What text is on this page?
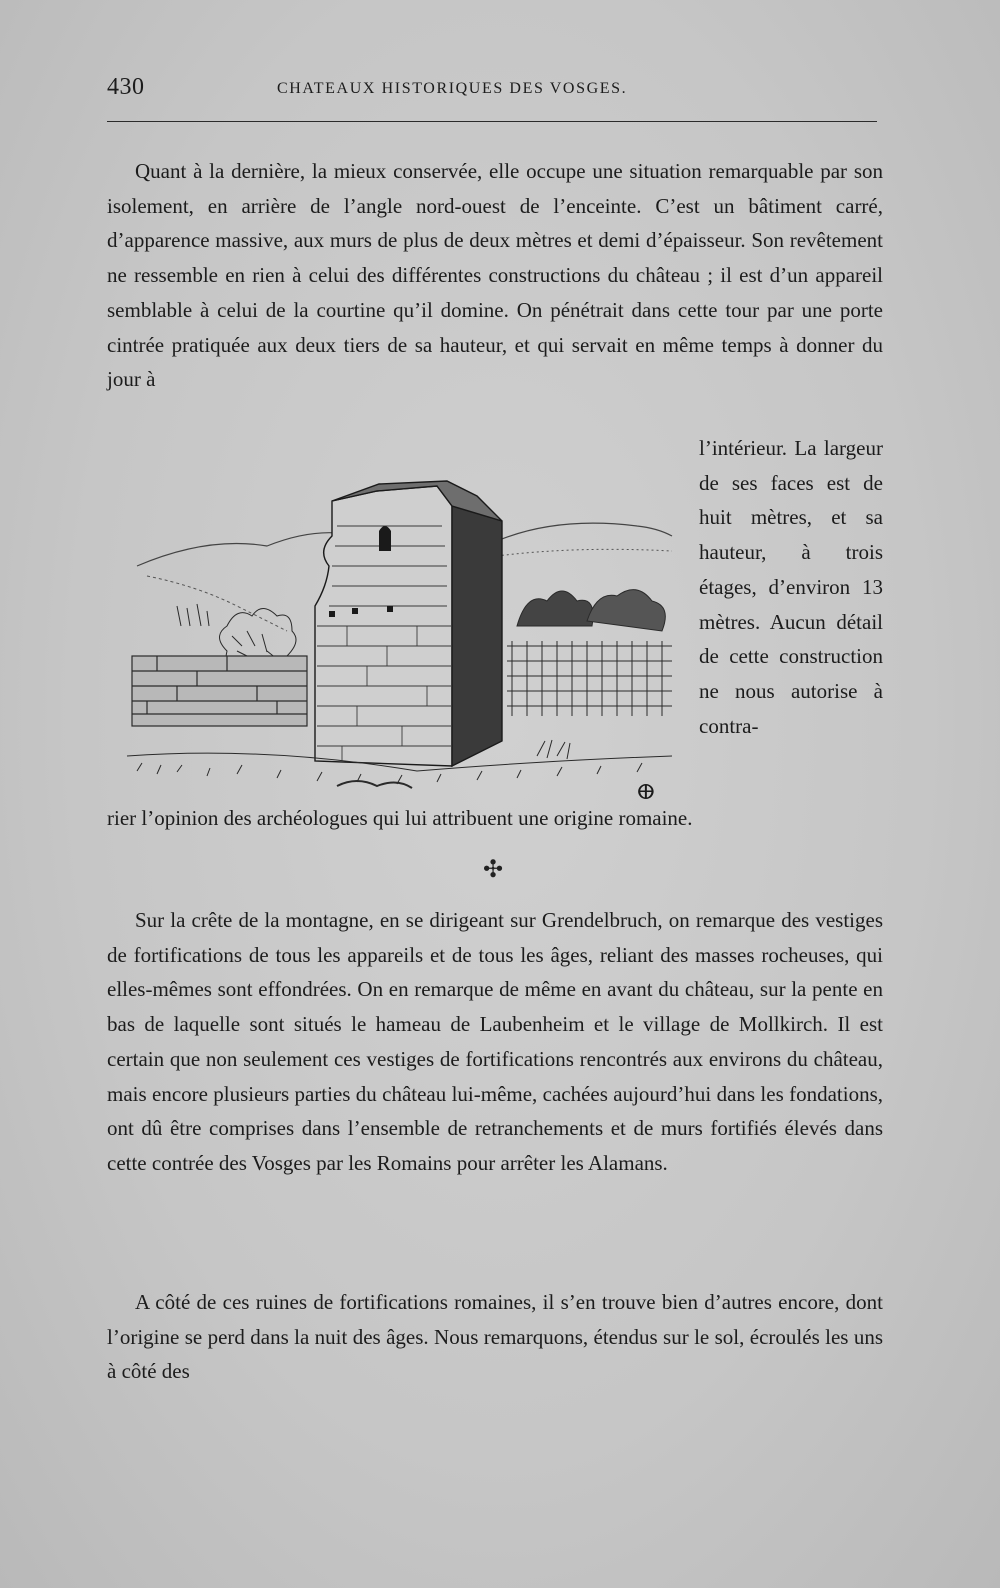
430	CHATEAUX HISTORIQUES DES VOSGES.

Quant à la dernière, la mieux conservée, elle occupe une situation remarquable par son isolement, en arrière de l’angle nord-ouest de l’enceinte. C’est un bâtiment carré, d’apparence massive, aux murs de plus de deux mètres et demi d’épaisseur. Son revêtement ne ressemble en rien à celui des différentes constructions du château ; il est d’un appareil semblable à celui de la courtine qu’il domine. On pénétrait dans cette tour par une porte cintrée pratiquée aux deux tiers de sa hauteur, et qui servait en même temps à donner du jour à

ⴲ

l’intérieur. La largeur de ses faces est de huit mètres, et sa hauteur, à trois étages, d’environ 13 mètres. Aucun détail de cette construction ne nous autorise à contra-

rier l’opinion des archéologues qui lui attribuent une origine romaine.
✣

Sur la crête de la montagne, en se dirigeant sur Grendelbruch, on remarque des vestiges de fortifications de tous les appareils et de tous les âges, reliant des masses rocheuses, qui elles-mêmes sont effondrées. On en remarque de même en avant du château, sur la pente en bas de laquelle sont situés le hameau de Laubenheim et le village de Mollkirch. Il est certain que non seulement ces vestiges de fortifications rencontrés aux environs du château, mais encore plusieurs parties du château lui-même, cachées aujourd’hui dans les fondations, ont dû être comprises dans l’ensemble de retranchements et de murs fortifiés élevés dans cette contrée des Vosges par les Romains pour arrêter les Alamans.

A côté de ces ruines de fortifications romaines, il s’en trouve bien d’autres encore, dont l’origine se perd dans la nuit des âges. Nous remarquons, étendus sur le sol, écroulés les uns à côté des
